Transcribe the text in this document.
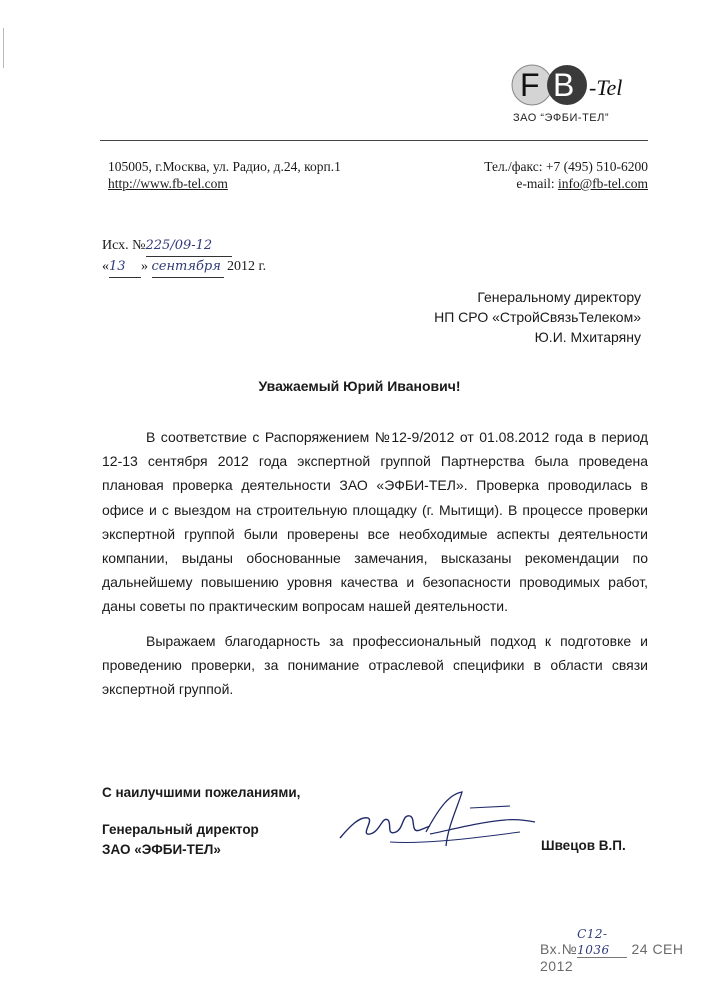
F B -Tel
ЗАО “ЭФБИ-ТЕЛ”
105005, г.Москва, ул. Радио, д.24, корп.1
http://www.fb-tel.com
Тел./факс: +7 (495) 510-6200
e-mail: info@fb-tel.com
Исх. №225/09-12
«13 » сентября 2012 г.
Генеральному директору
НП СРО «СтройСвязьТелеком»
Ю.И. Мхитаряну
Уважаемый Юрий Иванович!

В соответствие с Распоряжением №12-9/2012 от 01.08.2012 года в период 12-13 сентября 2012 года экспертной группой Партнерства была проведена плановая проверка деятельности ЗАО «ЭФБИ-ТЕЛ». Проверка проводилась в офисе и с выездом на строительную площадку (г. Мытищи). В процессе проверки экспертной группой были проверены все необходимые аспекты деятельности компании, выданы обоснованные замечания, высказаны рекомендации по дальнейшему повышению уровня качества и безопасности проводимых работ, даны советы по практическим вопросам нашей деятельности.

Выражаем благодарность за профессиональный подход к подготовке и проведению проверки, за понимание отраслевой специфики в области связи экспертной группой.

С наилучшими пожеланиями,
Генеральный директор
ЗАО «ЭФБИ-ТЕЛ»	Швецов В.П.
Вх.№С12-1036 24 СЕН 2012
